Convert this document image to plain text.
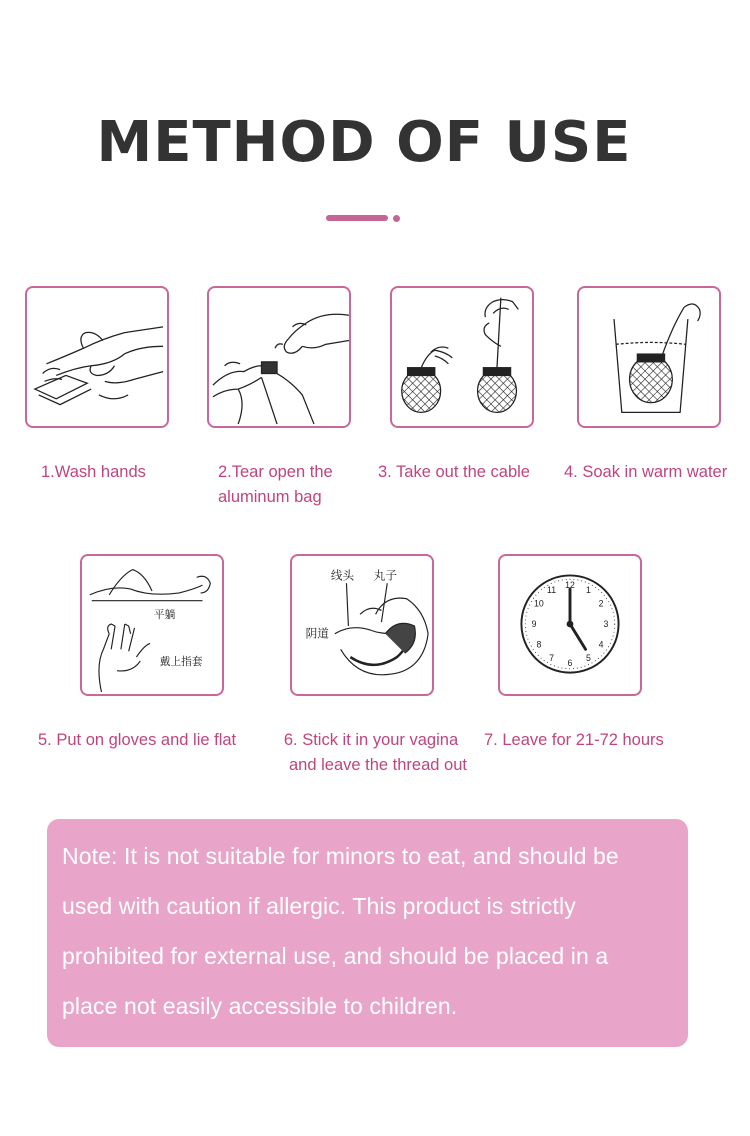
METHOD OF USE
1.Wash hands	2.Tear open the
aluminum bag
3. Take out the cable 4. Soak in warm water
平躺
戴上指套
5. Put on gloves and lie flat
线头 丸子
阴道
6. Stick it in your vagina
and leave the thread out
12 1
2
3
4
5
6
7
8
9
10
11
7. Leave for 21-72 hours
Note: It is not suitable for minors to eat, and should be
used with caution if allergic. This product is strictly
prohibited for external use, and should be placed in a
place not easily accessible to children.
